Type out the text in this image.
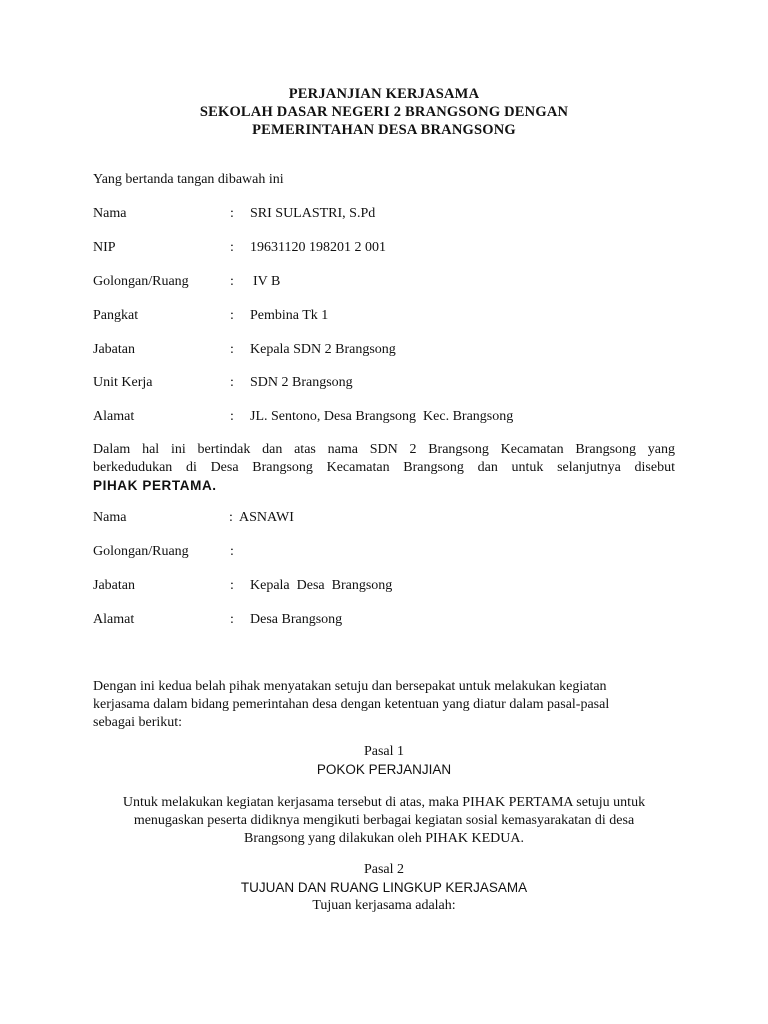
PERJANJIAN KERJASAMA
SEKOLAH DASAR NEGERI 2 BRANGSONG DENGAN
PEMERINTAHAN DESA BRANGSONG
Yang bertanda tangan dibawah ini
Nama	: SRI SULASTRI, S.Pd
NIP	: 19631120 198201 2 001
Golongan/Ruang	: IV B
Pangkat	: Pembina Tk 1
Jabatan	: Kepala SDN 2 Brangsong
Unit Kerja	: SDN 2 Brangsong
Alamat	: JL. Sentono, Desa Brangsong  Kec. Brangsong
Dalam hal ini bertindak dan atas nama SDN 2 Brangsong Kecamatan Brangsong yang
berkedudukan di Desa Brangsong Kecamatan Brangsong dan untuk selanjutnya disebut
PIHAK PERTAMA.
Nama	: ASNAWI
Golongan/Ruang	:
Jabatan	: Kepala  Desa  Brangsong
Alamat	: Desa Brangsong
Dengan ini kedua belah pihak menyatakan setuju dan bersepakat untuk melakukan kegiatan
kerjasama dalam bidang pemerintahan desa dengan ketentuan yang diatur dalam pasal-pasal
sebagai berikut:
Pasal 1
POKOK PERJANJIAN
Untuk melakukan kegiatan kerjasama tersebut di atas, maka PIHAK PERTAMA setuju untuk
menugaskan peserta didiknya mengikuti berbagai kegiatan sosial kemasyarakatan di desa
Brangsong yang dilakukan oleh PIHAK KEDUA.
Pasal 2
TUJUAN DAN RUANG LINGKUP KERJASAMA
Tujuan kerjasama adalah:
